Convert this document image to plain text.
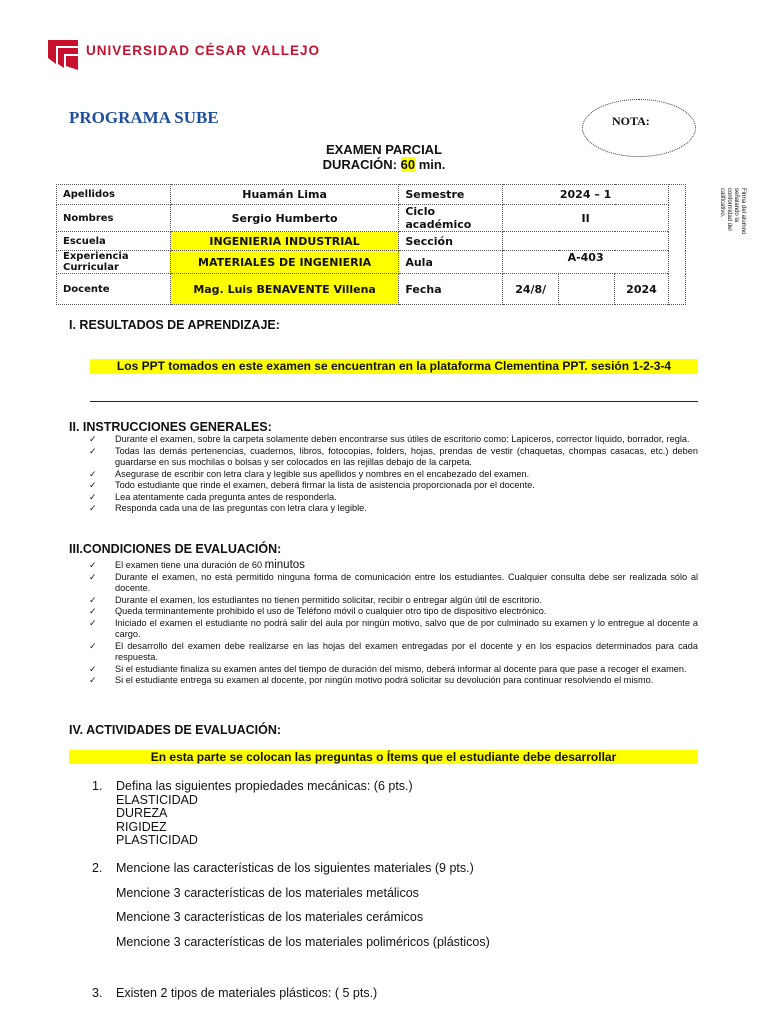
UNIVERSIDAD CÉSAR VALLEJO
PROGRAMA SUBE	NOTA:
EXAMEN PARCIAL
DURACIÓN: 60 min.
Apellidos	Huamán Lima	Semestre	2024 – 1			
Nombres	Sergio Humberto	Ciclo académico	II			
Escuela	INGENIERIA INDUSTRIAL	Sección				
Experiencia Curricular	MATERIALES DE INGENIERIA	Aula	A-403			
Docente	Mag. Luis BENAVENTE Villena	Fecha	24/8/		2024	
Firma del alumno
señalando la
conformidad del
calificativo.
I. RESULTADOS DE APRENDIZAJE:
Los PPT tomados en este examen se encuentran en la plataforma Clementina PPT. sesión 1-2-3-4
II. INSTRUCCIONES GENERALES:
✓ Durante el examen, sobre la carpeta solamente deben encontrarse sus útiles de escritorio como: Lapiceros, corrector líquido, borrador, regla.
✓ Todas las demás pertenencias, cuadernos, libros, fotocopias, folders, hojas, prendas de vestir (chaquetas, chompas casacas, etc.) deben guardarse en sus mochilas o bolsas y ser colocados en las rejillas debajo de la carpeta.
✓ Asegurase de escribir con letra clara y legible sus apellidos y nombres en el encabezado del examen.
✓ Todo estudiante que rinde el examen, deberá firmar la lista de asistencia proporcionada por el docente.
✓ Lea atentamente cada pregunta antes de responderla.
✓ Responda cada una de las preguntas con letra clara y legible.
III.CONDICIONES DE EVALUACIÓN:
✓ El examen tiene una duración de 60 minutos
✓ Durante el examen, no está permitido ninguna forma de comunicación entre los estudiantes. Cualquier consulta debe ser realizada sólo al docente.
✓ Durante el examen, los estudiantes no tienen permitido solicitar, recibir o entregar algún útil de escritorio.
✓ Queda terminantemente prohibido el uso de Teléfono móvil o cualquier otro tipo de dispositivo electrónico.
✓ Iniciado el examen el estudiante no podrá salir del aula por ningún motivo, salvo que de por culminado su examen y lo entregue al docente a cargo.
✓ El desarrollo del examen debe realizarse en las hojas del examen entregadas por el docente y en los espacios determinados para cada respuesta.
✓ Si el estudiante finaliza su examen antes del tiempo de duración del mismo, deberá informar al docente para que pase a recoger el examen.
✓ Si el estudiante entrega su examen al docente, por ningún motivo podrá solicitar su devolución para continuar resolviendo el mismo.
IV. ACTIVIDADES DE EVALUACIÓN:
En esta parte se colocan las preguntas o Ítems que el estudiante debe desarrollar
1. Defina las siguientes propiedades mecánicas: (6 pts.)
ELASTICIDAD
DUREZA
RIGIDEZ
PLASTICIDAD
2. Mencione las características de los siguientes materiales (9 pts.)
Mencione 3 características de los materiales metálicos
Mencione 3 características de los materiales cerámicos
Mencione 3 características de los materiales poliméricos (plásticos)
3. Existen 2 tipos de materiales plásticos: ( 5 pts.)
